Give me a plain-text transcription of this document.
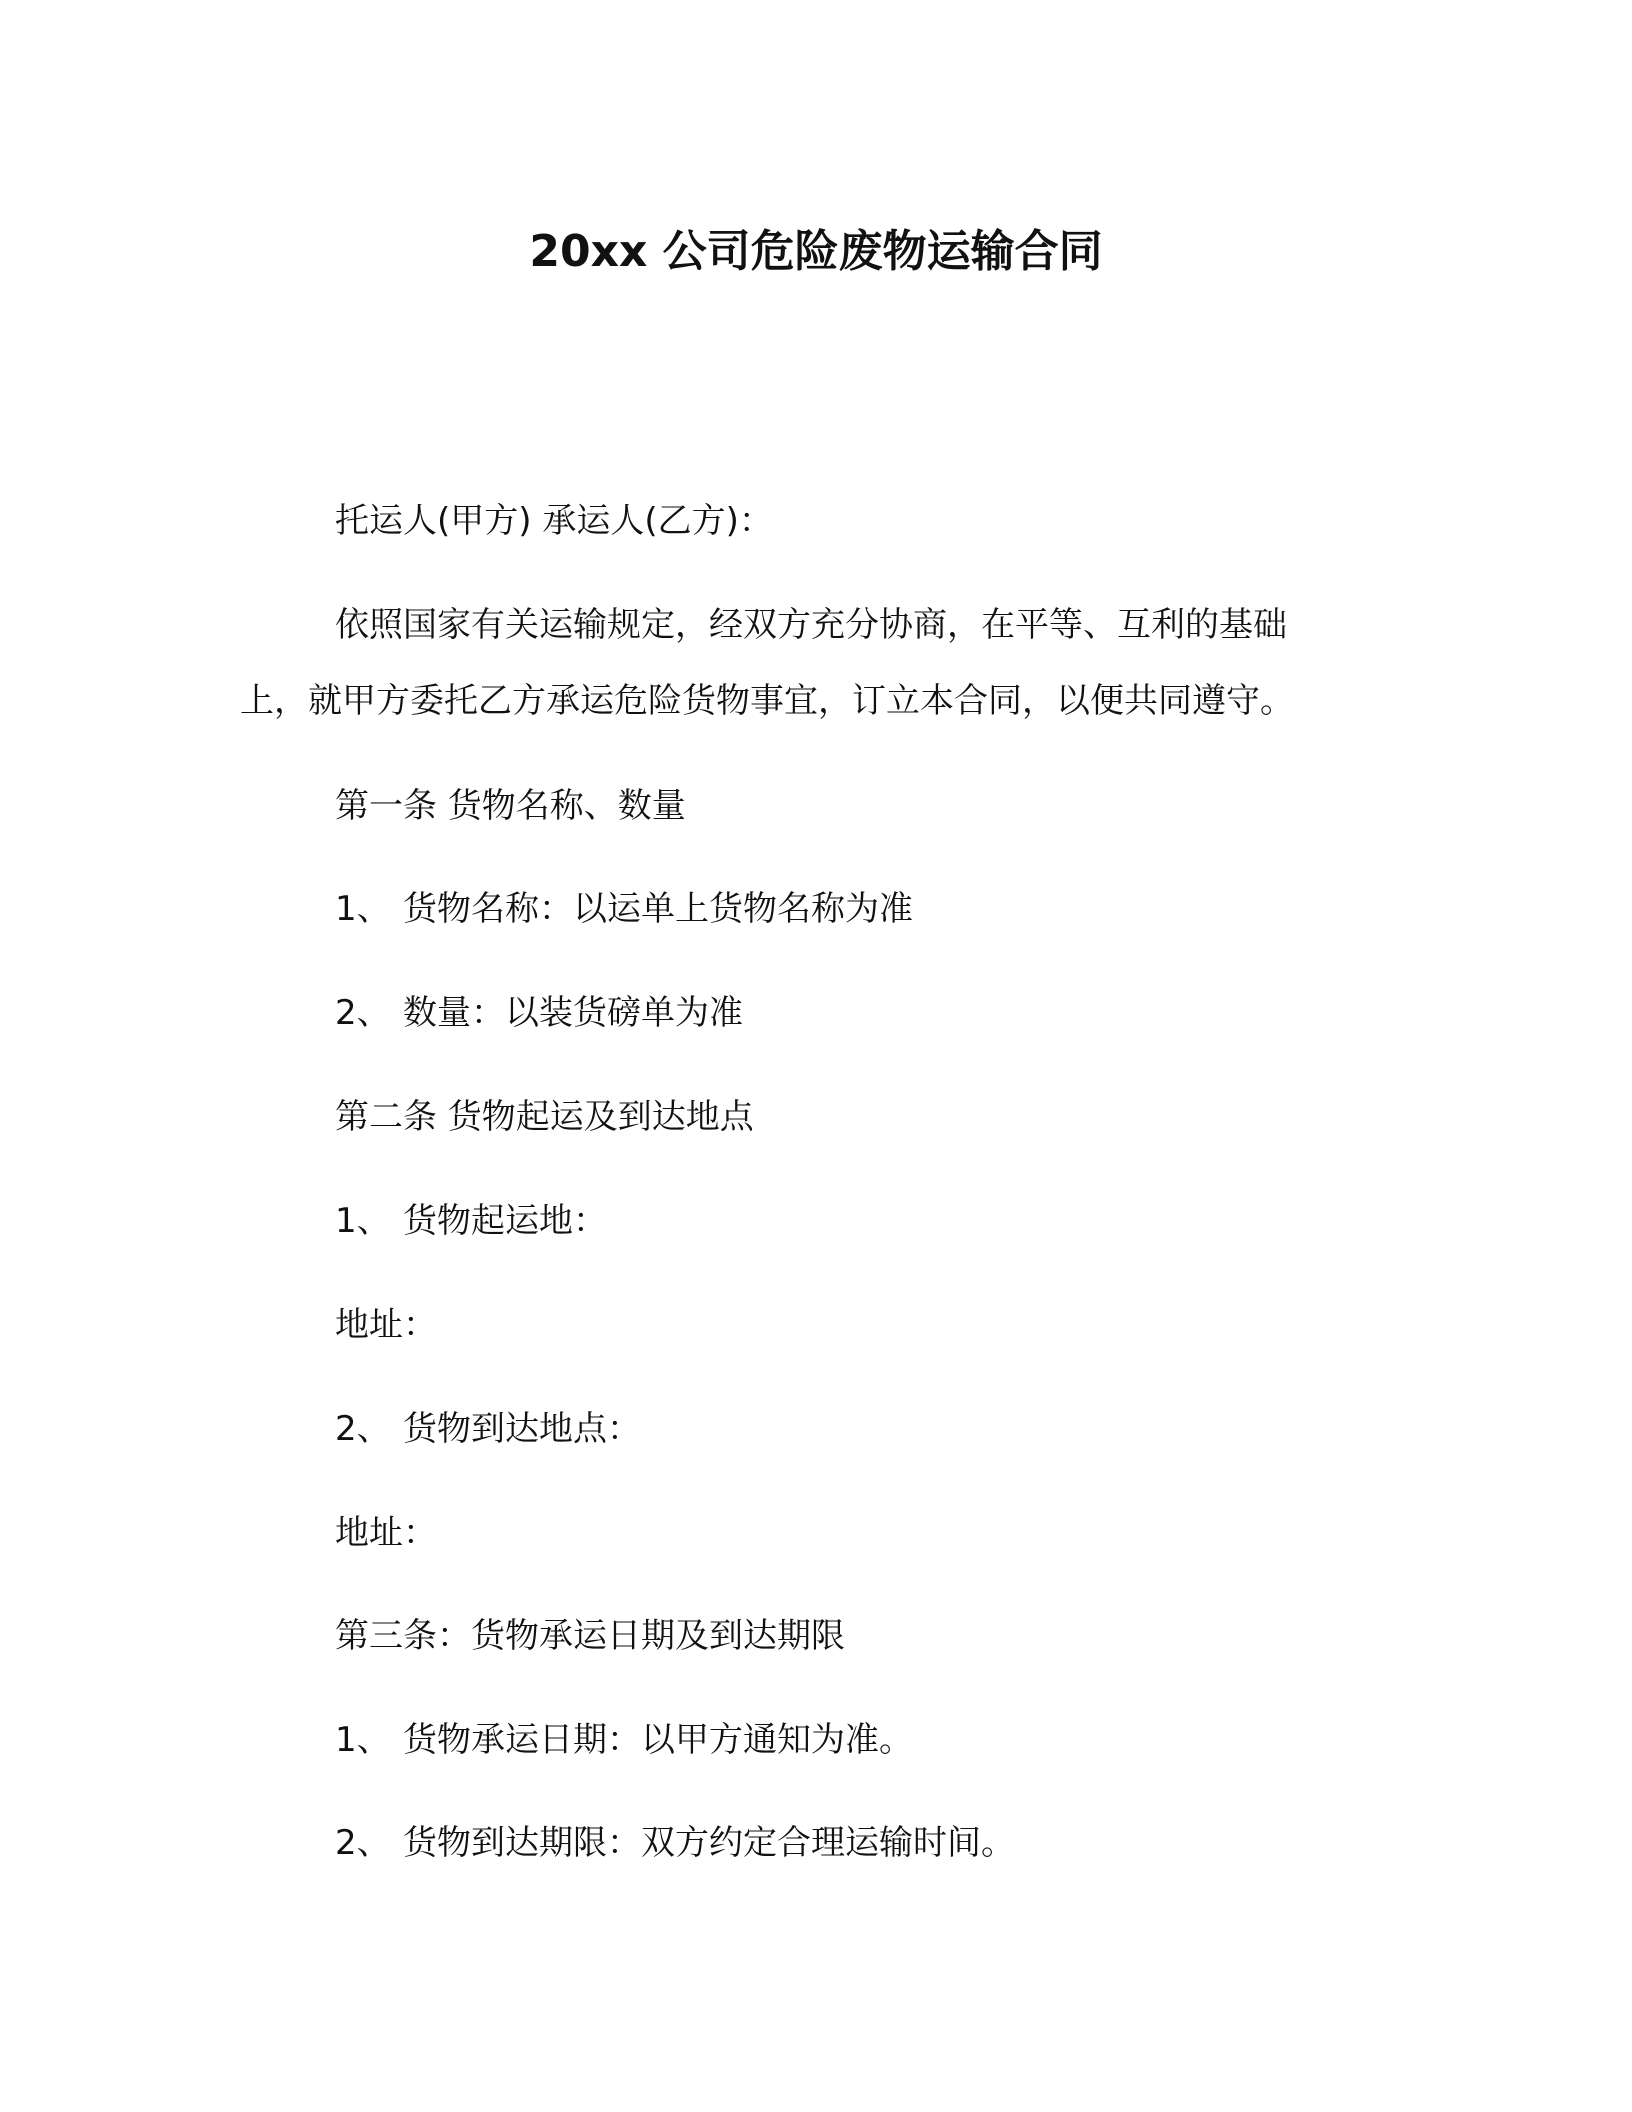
20xx 公司危险废物运输合同
托运人(甲方) 承运人(乙方)：
依照国家有关运输规定，经双方充分协商，在平等、互利的基础
上，就甲方委托乙方承运危险货物事宜，订立本合同，以便共同遵守。
第一条 货物名称、数量
1、 货物名称：以运单上货物名称为准
2、 数量：以装货磅单为准
第二条 货物起运及到达地点
1、 货物起运地：
地址：
2、 货物到达地点：
地址：
第三条：货物承运日期及到达期限
1、 货物承运日期：以甲方通知为准。
2、 货物到达期限：双方约定合理运输时间。
